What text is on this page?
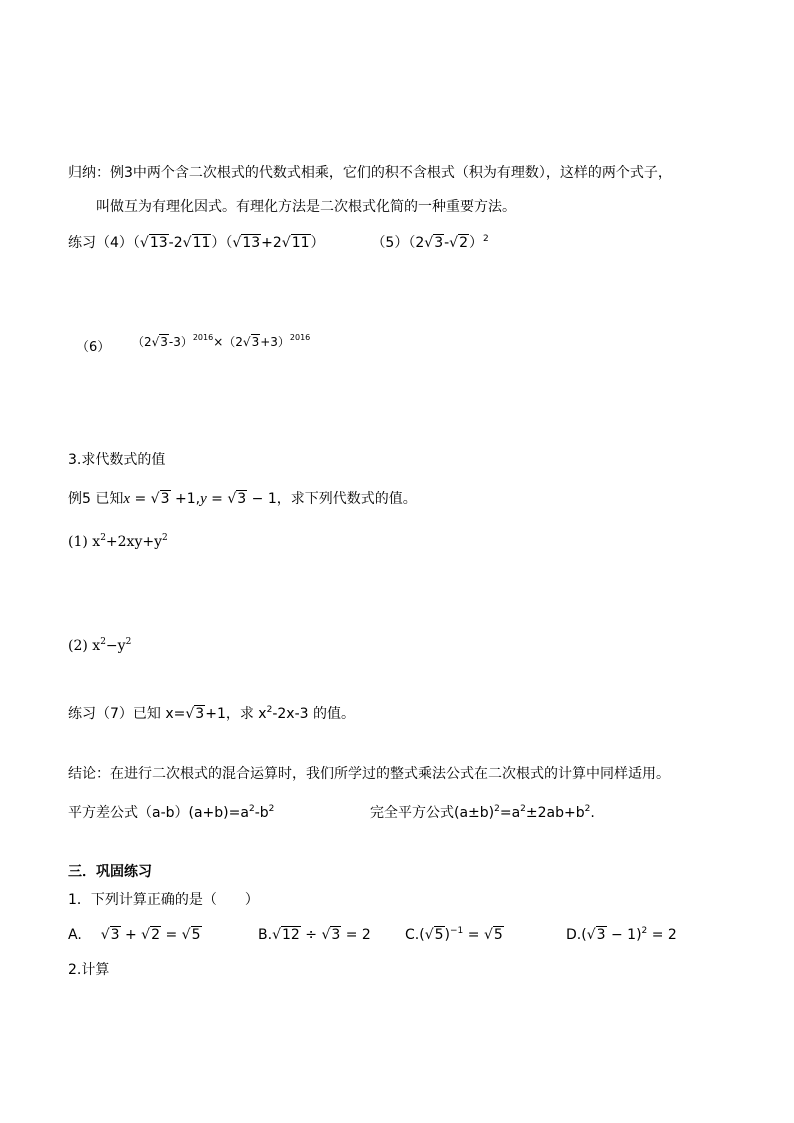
归纳：例3中两个含二次根式的代数式相乘，它们的积不含根式（积为有理数），这样的两个式子，
叫做互为有理化因式。有理化方法是二次根式化简的一种重要方法。
练习（4）（√13-2√11）（√13+2√11）	$(5)(2√3-√2)^2$
（6） $(2√3-3)^{2016}\times(2√3+3)^{2016}$
3.求代数式的值
例5 已知x = √3 +1,y = √3 − 1，求下列代数式的值。
(1) $x^2+2xy+y^2$
(2) $x^2-y^2$
练习（7）已知 x=√3+1，求 $x^2-2x-3$ 的值。
结论：在进行二次根式的混合运算时，我们所学过的整式乘法公式在二次根式的计算中同样适用。
平方差公式$(a-b)(a+b)=a^2-b^2$	完全平方公式$(a\pm b)^2=a^2\pm 2ab+b^2$.
三．巩固练习
1．下列计算正确的是（　　）
A. √3 + √2 = √5	B.√12 ÷ √3 = 2 $C.(√5)^{-1} = √5$	$D.(√3 - 1)^2 = 2$
2.计算
